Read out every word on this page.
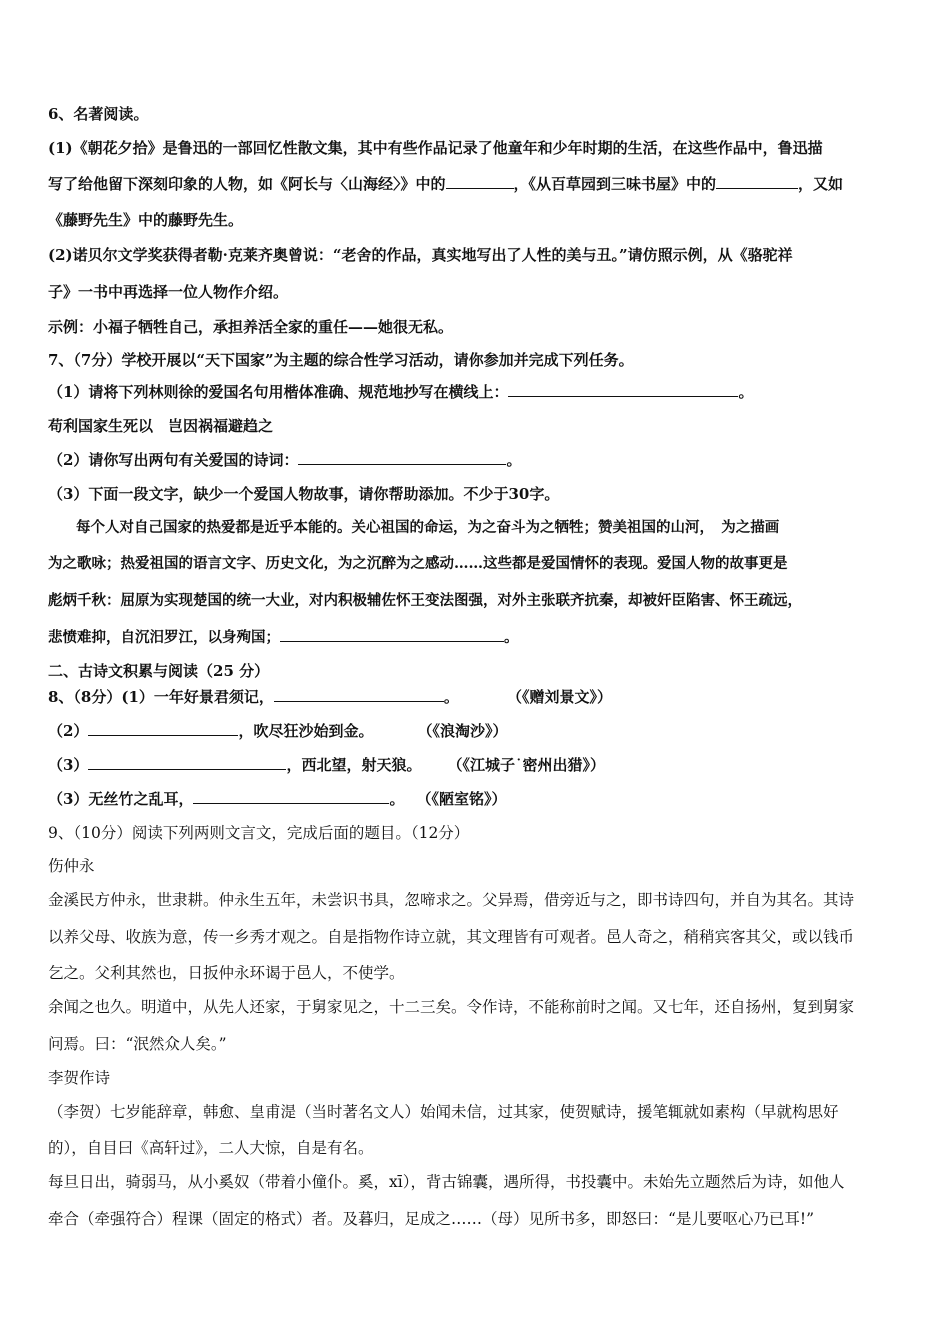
6、名著阅读。
(1)《朝花夕拾》是鲁迅的一部回忆性散文集，其中有些作品记录了他童年和少年时期的生活，在这些作品中，鲁迅描
写了给他留下深刻印象的人物，如《阿长与〈山海经〉》中的	，《从百草园到三味书屋》中的	，又如
《藤野先生》中的藤野先生。
(2)诺贝尔文学奖获得者勒·克莱齐奥曾说：“老舍的作品，真实地写出了人性的美与丑。”请仿照示例，从《骆驼祥
子》一书中再选择一位人物作介绍。
示例：小福子牺牲自己，承担养活全家的重任——她很无私。
7、（7分）学校开展以“天下国家”为主题的综合性学习活动，请你参加并完成下列任务。
（1）请将下列林则徐的爱国名句用楷体准确、规范地抄写在横线上：	。
苟利国家生死以　岂因祸福避趋之
（2）请你写出两句有关爱国的诗词：	。
（3）下面一段文字，缺少一个爱国人物故事，请你帮助添加。不少于30字。
每个人对自己国家的热爱都是近乎本能的。关心祖国的命运，为之奋斗为之牺牲；赞美祖国的山河，　为之描画
为之歌咏；热爱祖国的语言文字、历史文化，为之沉醉为之感动……这些都是爱国情怀的表现。爱国人物的故事更是
彪炳千秋：屈原为实现楚国的统一大业，对内积极辅佐怀王变法图强，对外主张联齐抗秦，却被奸臣陷害、怀王疏远，
悲愤难抑，自沉汨罗江，以身殉国；	。
二、古诗文积累与阅读（25 分）
8、（8分）(1）一年好景君须记，	。	（《赠刘景文》）
（2）	，吹尽狂沙始到金。	（《浪淘沙》）
（3）	，西北望，射天狼。 （《江城子˙密州出猎》）
（3）无丝竹之乱耳，	。 （《陋室铭》）
9、（10分）阅读下列两则文言文，完成后面的题目。（12分）
伤仲永
金溪民方仲永，世隶耕。仲永生五年，未尝识书具，忽啼求之。父异焉，借旁近与之，即书诗四句，并自为其名。其诗
以养父母、收族为意，传一乡秀才观之。自是指物作诗立就，其文理皆有可观者。邑人奇之，稍稍宾客其父，或以钱币
乞之。父利其然也，日扳仲永环谒于邑人，不使学。
余闻之也久。明道中，从先人还家，于舅家见之，十二三矣。令作诗，不能称前时之闻。又七年，还自扬州，复到舅家
问焉。曰：“泯然众人矣。”
李贺作诗
（李贺）七岁能辞章，韩愈、皇甫湜（当时著名文人）始闻未信，过其家，使贺赋诗，援笔辄就如素构（早就构思好
的），自目曰《高轩过》，二人大惊，自是有名。
每旦日出，骑弱马，从小奚奴（带着小僮仆。奚，xī），背古锦囊，遇所得，书投囊中。未始先立题然后为诗，如他人
牵合（牵强符合）程课（固定的格式）者。及暮归，足成之……（母）见所书多，即怒曰：“是儿要呕心乃已耳!”
